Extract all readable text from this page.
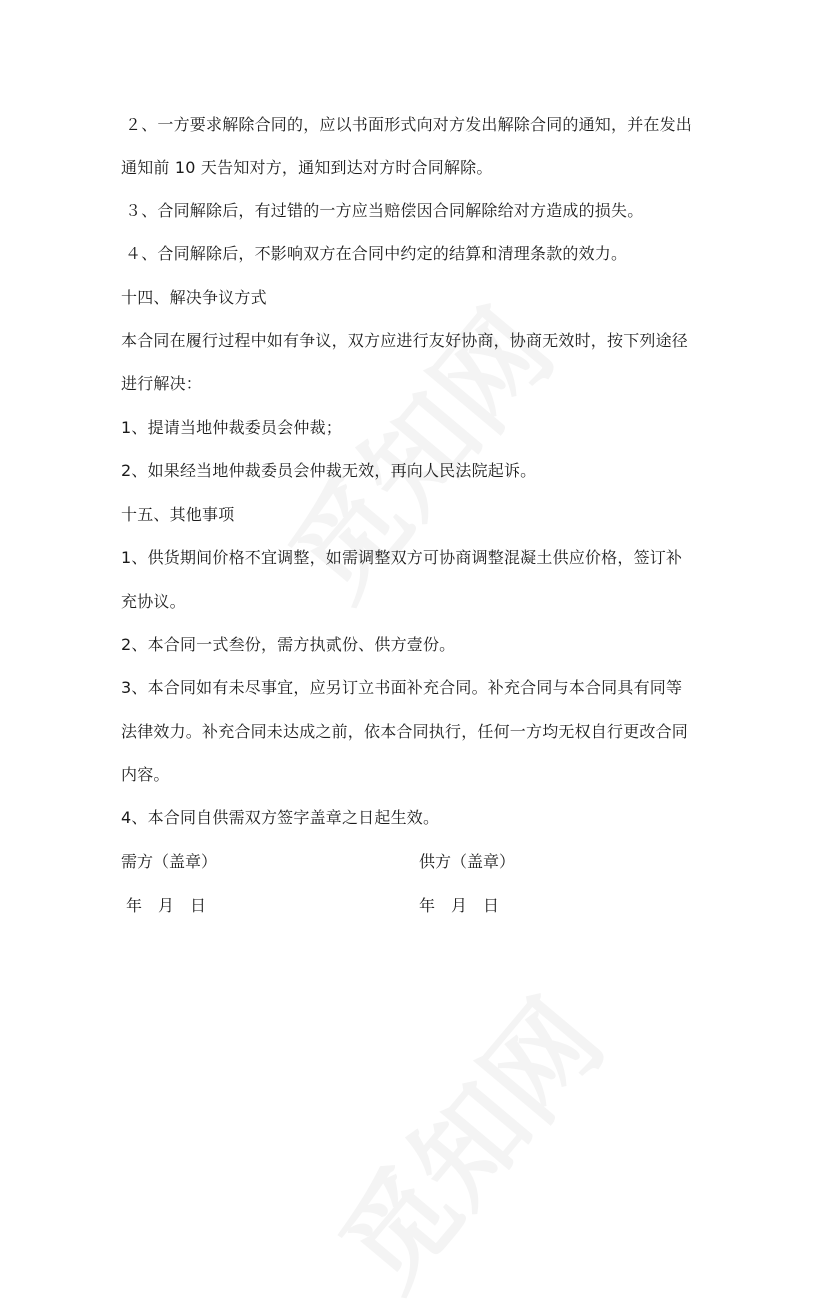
２、一方要求解除合同的，应以书面形式向对方发出解除合同的通知，并在发出
通知前 10 天告知对方，通知到达对方时合同解除。
３、合同解除后，有过错的一方应当赔偿因合同解除给对方造成的损失。
４、合同解除后，不影响双方在合同中约定的结算和清理条款的效力。
十四、解决争议方式
本合同在履行过程中如有争议，双方应进行友好协商，协商无效时，按下列途径
进行解决：
1、提请当地仲裁委员会仲裁；
2、如果经当地仲裁委员会仲裁无效，再向人民法院起诉。
十五、其他事项
1、供货期间价格不宜调整，如需调整双方可协商调整混凝土供应价格，签订补
充协议。
2、本合同一式叁份，需方执贰份、供方壹份。
3、本合同如有未尽事宜，应另订立书面补充合同。补充合同与本合同具有同等
法律效力。补充合同未达成之前，依本合同执行，任何一方均无权自行更改合同
内容。
4、本合同自供需双方签字盖章之日起生效。
需方（盖章）	供方（盖章）
年　月　日	年　月　日
